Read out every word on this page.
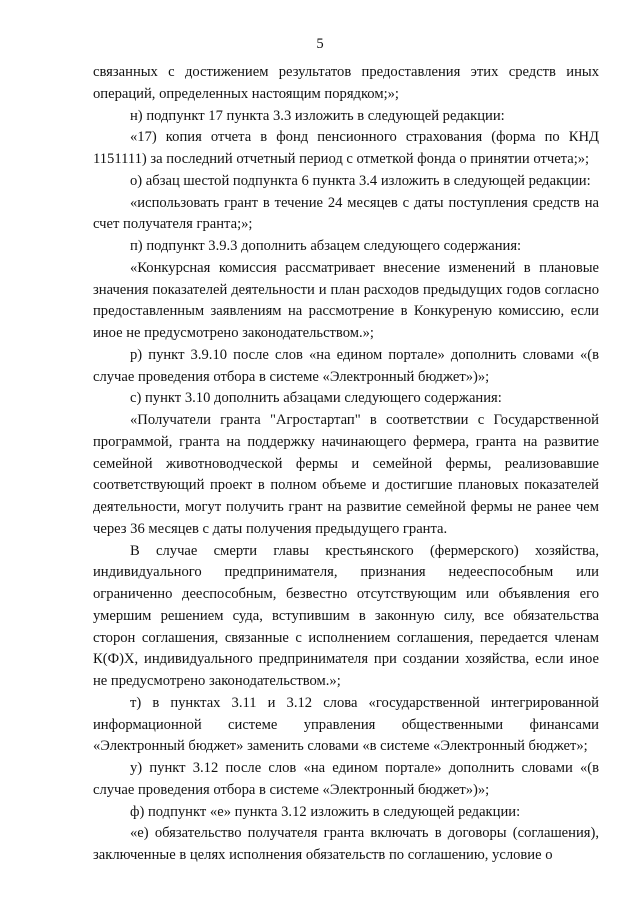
5

связанных с достижением результатов предоставления этих средств иных операций, определенных настоящим порядком;»;

н) подпункт 17 пункта 3.3 изложить в следующей редакции:

«17) копия отчета в фонд пенсионного страхования (форма по КНД 1151111) за последний отчетный период с отметкой фонда о принятии отчета;»;

о) абзац шестой подпункта 6 пункта 3.4 изложить в следующей редакции:

«использовать грант в течение 24 месяцев с даты поступления средств на счет получателя гранта;»;

п) подпункт 3.9.3 дополнить абзацем следующего содержания:

«Конкурсная комиссия рассматривает внесение изменений в плановые значения показателей деятельности и план расходов предыдущих годов согласно предоставленным заявлениям на рассмотрение в Конкуреную комиссию, если иное не предусмотрено законодательством.»;

р) пункт 3.9.10 после слов «на едином портале» дополнить словами «(в случае проведения отбора в системе «Электронный бюджет»)»;

с) пункт 3.10 дополнить абзацами следующего содержания:

«Получатели гранта "Агростартап" в соответствии с Государственной программой, гранта на поддержку начинающего фермера, гранта на развитие семейной животноводческой фермы и семейной фермы, реализовавшие соответствующий проект в полном объеме и достигшие плановых показателей деятельности, могут получить грант на развитие семейной фермы не ранее чем через 36 месяцев с даты получения предыдущего гранта.

В случае смерти главы крестьянского (фермерского) хозяйства, индивидуального предпринимателя, признания недееспособным или ограниченно дееспособным, безвестно отсутствующим или объявления его умершим решением суда, вступившим в законную силу, все обязательства сторон соглашения, связанные с исполнением соглашения, передается членам К(Ф)Х, индивидуального предпринимателя при создании хозяйства, если иное не предусмотрено законодательством.»;

т) в пунктах 3.11 и 3.12 слова «государственной интегрированной информационной системе управления общественными финансами «Электронный бюджет» заменить словами «в системе «Электронный бюджет»;

у) пункт 3.12 после слов «на едином портале» дополнить словами «(в случае проведения отбора в системе «Электронный бюджет»)»;

ф) подпункт «е» пункта 3.12 изложить в следующей редакции:

«е) обязательство получателя гранта включать в договоры (соглашения), заключенные в целях исполнения обязательств по соглашению, условие о
